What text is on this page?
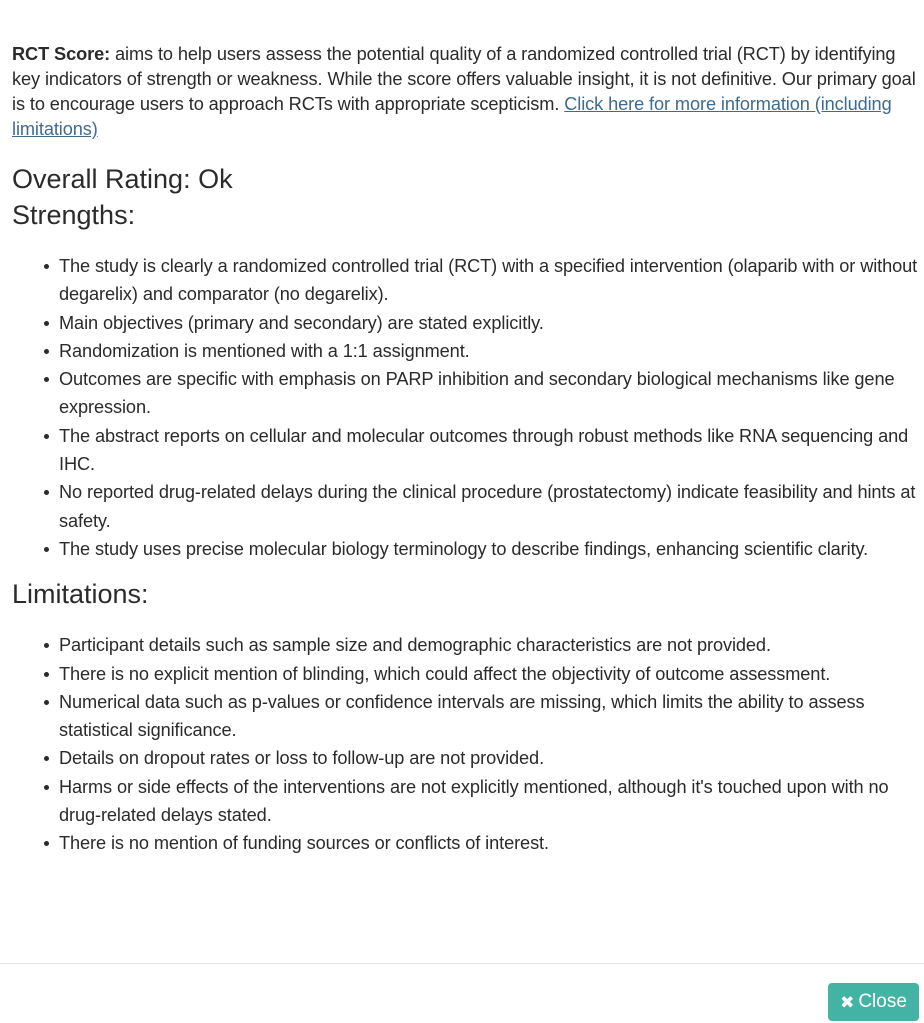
RCT Score: aims to help users assess the potential quality of a randomized controlled trial (RCT) by identifying key indicators of strength or weakness. While the score offers valuable insight, it is not definitive. Our primary goal is to encourage users to approach RCTs with appropriate scepticism. Click here for more information (including limitations)

Overall Rating: Ok
Strengths:
The study is clearly a randomized controlled trial (RCT) with a specified intervention (olaparib with or without degarelix) and comparator (no degarelix).
Main objectives (primary and secondary) are stated explicitly.
Randomization is mentioned with a 1:1 assignment.
Outcomes are specific with emphasis on PARP inhibition and secondary biological mechanisms like gene expression.
The abstract reports on cellular and molecular outcomes through robust methods like RNA sequencing and IHC.
No reported drug-related delays during the clinical procedure (prostatectomy) indicate feasibility and hints at safety.
The study uses precise molecular biology terminology to describe findings, enhancing scientific clarity.
Limitations:
Participant details such as sample size and demographic characteristics are not provided.
There is no explicit mention of blinding, which could affect the objectivity of outcome assessment.
Numerical data such as p-values or confidence intervals are missing, which limits the ability to assess statistical significance.
Details on dropout rates or loss to follow-up are not provided.
Harms or side effects of the interventions are not explicitly mentioned, although it's touched upon with no drug-related delays stated.
There is no mention of funding sources or conflicts of interest.
✖ Close
